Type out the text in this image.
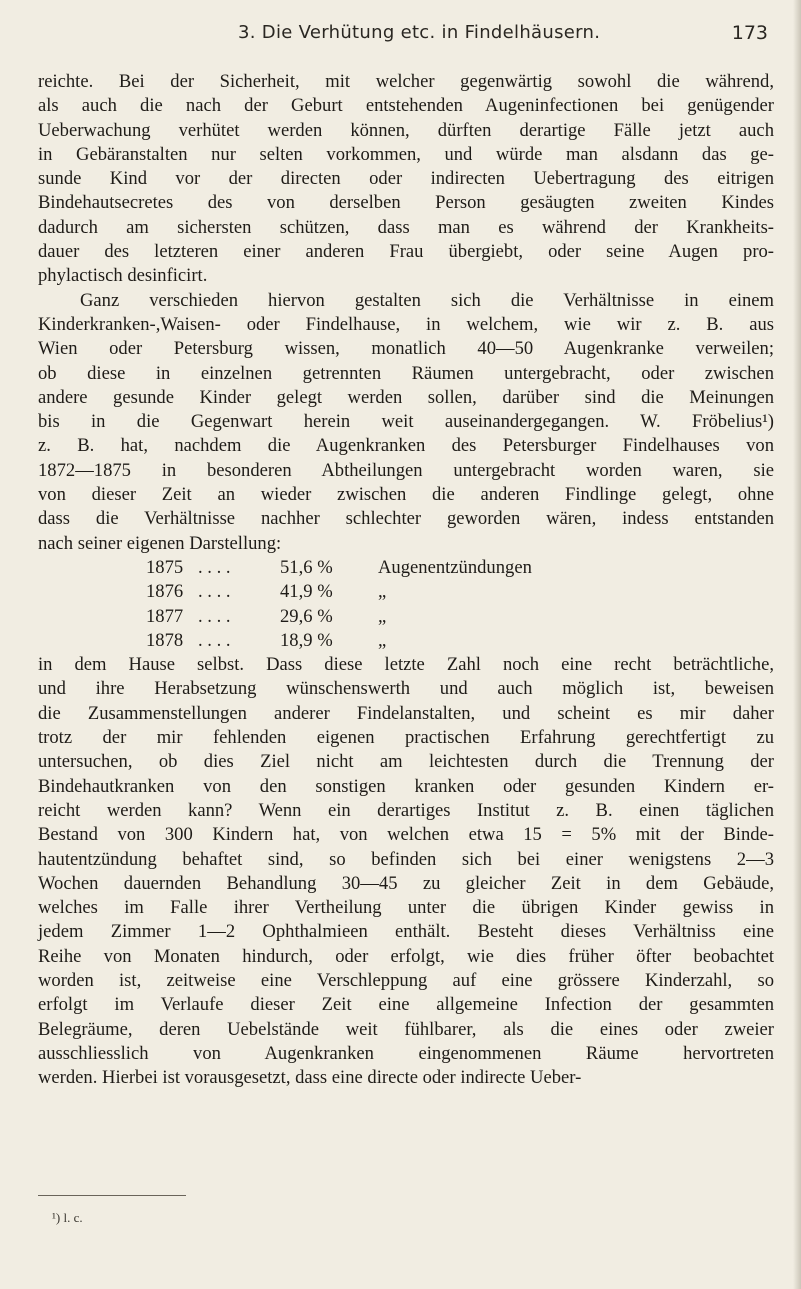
3. Die Verhütung etc. in Findelhäusern.	173
reichte. Bei der Sicherheit, mit welcher gegenwärtig sowohl die während,
als auch die nach der Geburt entstehenden Augeninfectionen bei genügender
Ueberwachung verhütet werden können, dürften derartige Fälle jetzt auch
in Gebäranstalten nur selten vorkommen, und würde man alsdann das ge-
sunde Kind vor der directen oder indirecten Uebertragung des eitrigen
Bindehautsecretes des von derselben Person gesäugten zweiten Kindes
dadurch am sichersten schützen, dass man es während der Krankheits-
dauer des letzteren einer anderen Frau übergiebt, oder seine Augen pro-
phylactisch desinficirt.
Ganz verschieden hiervon gestalten sich die Verhältnisse in einem
Kinderkranken-,Waisen- oder Findelhause, in welchem, wie wir z. B. aus
Wien oder Petersburg wissen, monatlich 40—50 Augenkranke verweilen;
ob diese in einzelnen getrennten Räumen untergebracht, oder zwischen
andere gesunde Kinder gelegt werden sollen, darüber sind die Meinungen
bis in die Gegenwart herein weit auseinandergegangen. W. Fröbelius¹)
z. B. hat, nachdem die Augenkranken des Petersburger Findelhauses von
1872—1875 in besonderen Abtheilungen untergebracht worden waren, sie
von dieser Zeit an wieder zwischen die anderen Findlinge gelegt, ohne
dass die Verhältnisse nachher schlechter geworden wären, indess entstanden
nach seiner eigenen Darstellung:
1875 . . . .	51,6 % Augenentzündungen
1876 . . . .	41,9 % „
1877 . . . .	29,6 % „
1878 . . . .	18,9 % „
in dem Hause selbst. Dass diese letzte Zahl noch eine recht beträchtliche,
und ihre Herabsetzung wünschenswerth und auch möglich ist, beweisen
die Zusammenstellungen anderer Findelanstalten, und scheint es mir daher
trotz der mir fehlenden eigenen practischen Erfahrung gerechtfertigt zu
untersuchen, ob dies Ziel nicht am leichtesten durch die Trennung der
Bindehautkranken von den sonstigen kranken oder gesunden Kindern er-
reicht werden kann? Wenn ein derartiges Institut z. B. einen täglichen
Bestand von 300 Kindern hat, von welchen etwa 15 = 5% mit der Binde-
hautentzündung behaftet sind, so befinden sich bei einer wenigstens 2—3
Wochen dauernden Behandlung 30—45 zu gleicher Zeit in dem Gebäude,
welches im Falle ihrer Vertheilung unter die übrigen Kinder gewiss in
jedem Zimmer 1—2 Ophthalmieen enthält. Besteht dieses Verhältniss eine
Reihe von Monaten hindurch, oder erfolgt, wie dies früher öfter beobachtet
worden ist, zeitweise eine Verschleppung auf eine grössere Kinderzahl, so
erfolgt im Verlaufe dieser Zeit eine allgemeine Infection der gesammten
Belegräume, deren Uebelstände weit fühlbarer, als die eines oder zweier
ausschliesslich von Augenkranken eingenommenen Räume hervortreten
werden. Hierbei ist vorausgesetzt, dass eine directe oder indirecte Ueber-
¹) l. c.
